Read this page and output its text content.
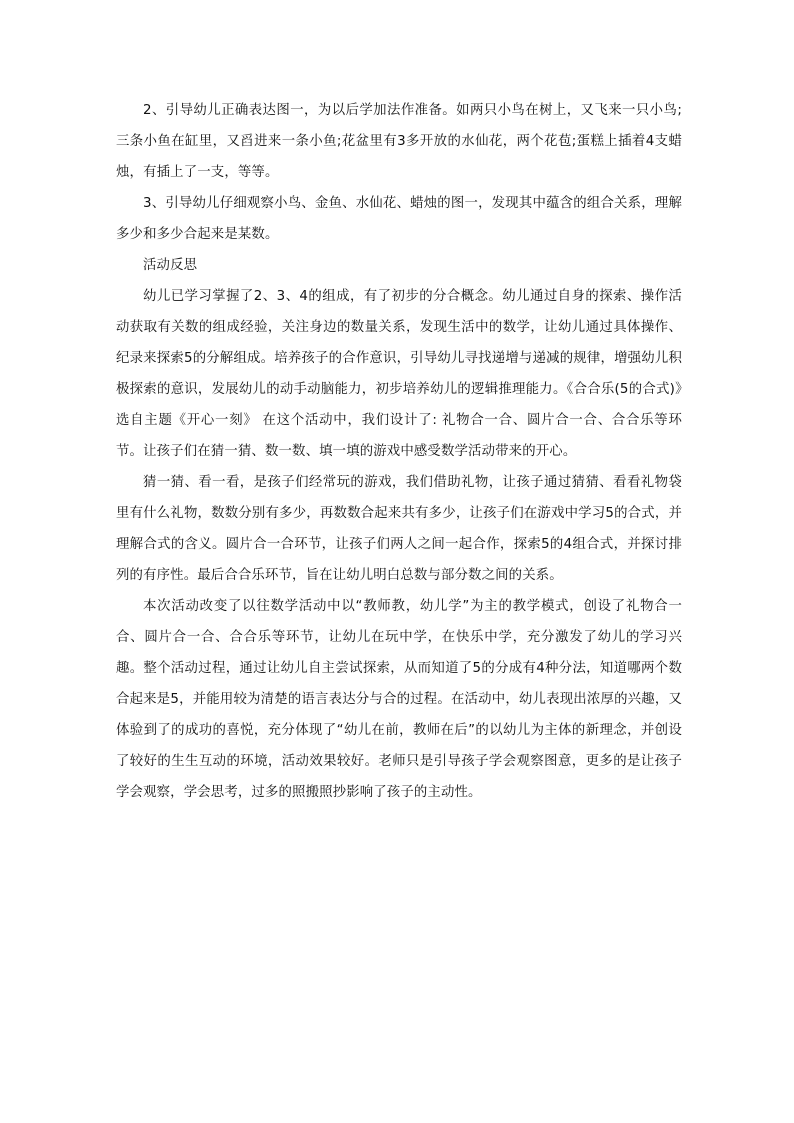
2、引导幼儿正确表达图一，为以后学加法作准备。如两只小鸟在树上，又飞来一只小鸟;三条小鱼在缸里，又舀进来一条小鱼;花盆里有3多开放的水仙花，两个花苞;蛋糕上插着4支蜡烛，有插上了一支，等等。

3、引导幼儿仔细观察小鸟、金鱼、水仙花、蜡烛的图一，发现其中蕴含的组合关系，理解多少和多少合起来是某数。

活动反思

幼儿已学习掌握了2、3、4的组成，有了初步的分合概念。幼儿通过自身的探索、操作活动获取有关数的组成经验，关注身边的数量关系，发现生活中的数学，让幼儿通过具体操作、纪录来探索5的分解组成。培养孩子的合作意识，引导幼儿寻找递增与递减的规律，增强幼儿积极探索的意识，发展幼儿的动手动脑能力，初步培养幼儿的逻辑推理能力。《合合乐(5的合式)》选自主题《开心一刻》 在这个活动中，我们设计了: 礼物合一合、圆片合一合、合合乐等环节。让孩子们在猜一猜、数一数、填一填的游戏中感受数学活动带来的开心。

猜一猜、看一看，是孩子们经常玩的游戏，我们借助礼物，让孩子通过猜猜、看看礼物袋里有什么礼物，数数分别有多少，再数数合起来共有多少，让孩子们在游戏中学习5的合式，并理解合式的含义。圆片合一合环节，让孩子们两人之间一起合作，探索5的4组合式，并探讨排列的有序性。最后合合乐环节，旨在让幼儿明白总数与部分数之间的关系。

本次活动改变了以往数学活动中以“教师教，幼儿学”为主的教学模式，创设了礼物合一合、圆片合一合、合合乐等环节，让幼儿在玩中学，在快乐中学，充分激发了幼儿的学习兴趣。整个活动过程，通过让幼儿自主尝试探索，从而知道了5的分成有4种分法，知道哪两个数合起来是5，并能用较为清楚的语言表达分与合的过程。在活动中，幼儿表现出浓厚的兴趣，又体验到了的成功的喜悦，充分体现了“幼儿在前，教师在后”的以幼儿为主体的新理念，并创设了较好的生生互动的环境，活动效果较好。老师只是引导孩子学会观察图意，更多的是让孩子学会观察，学会思考，过多的照搬照抄影响了孩子的主动性。
